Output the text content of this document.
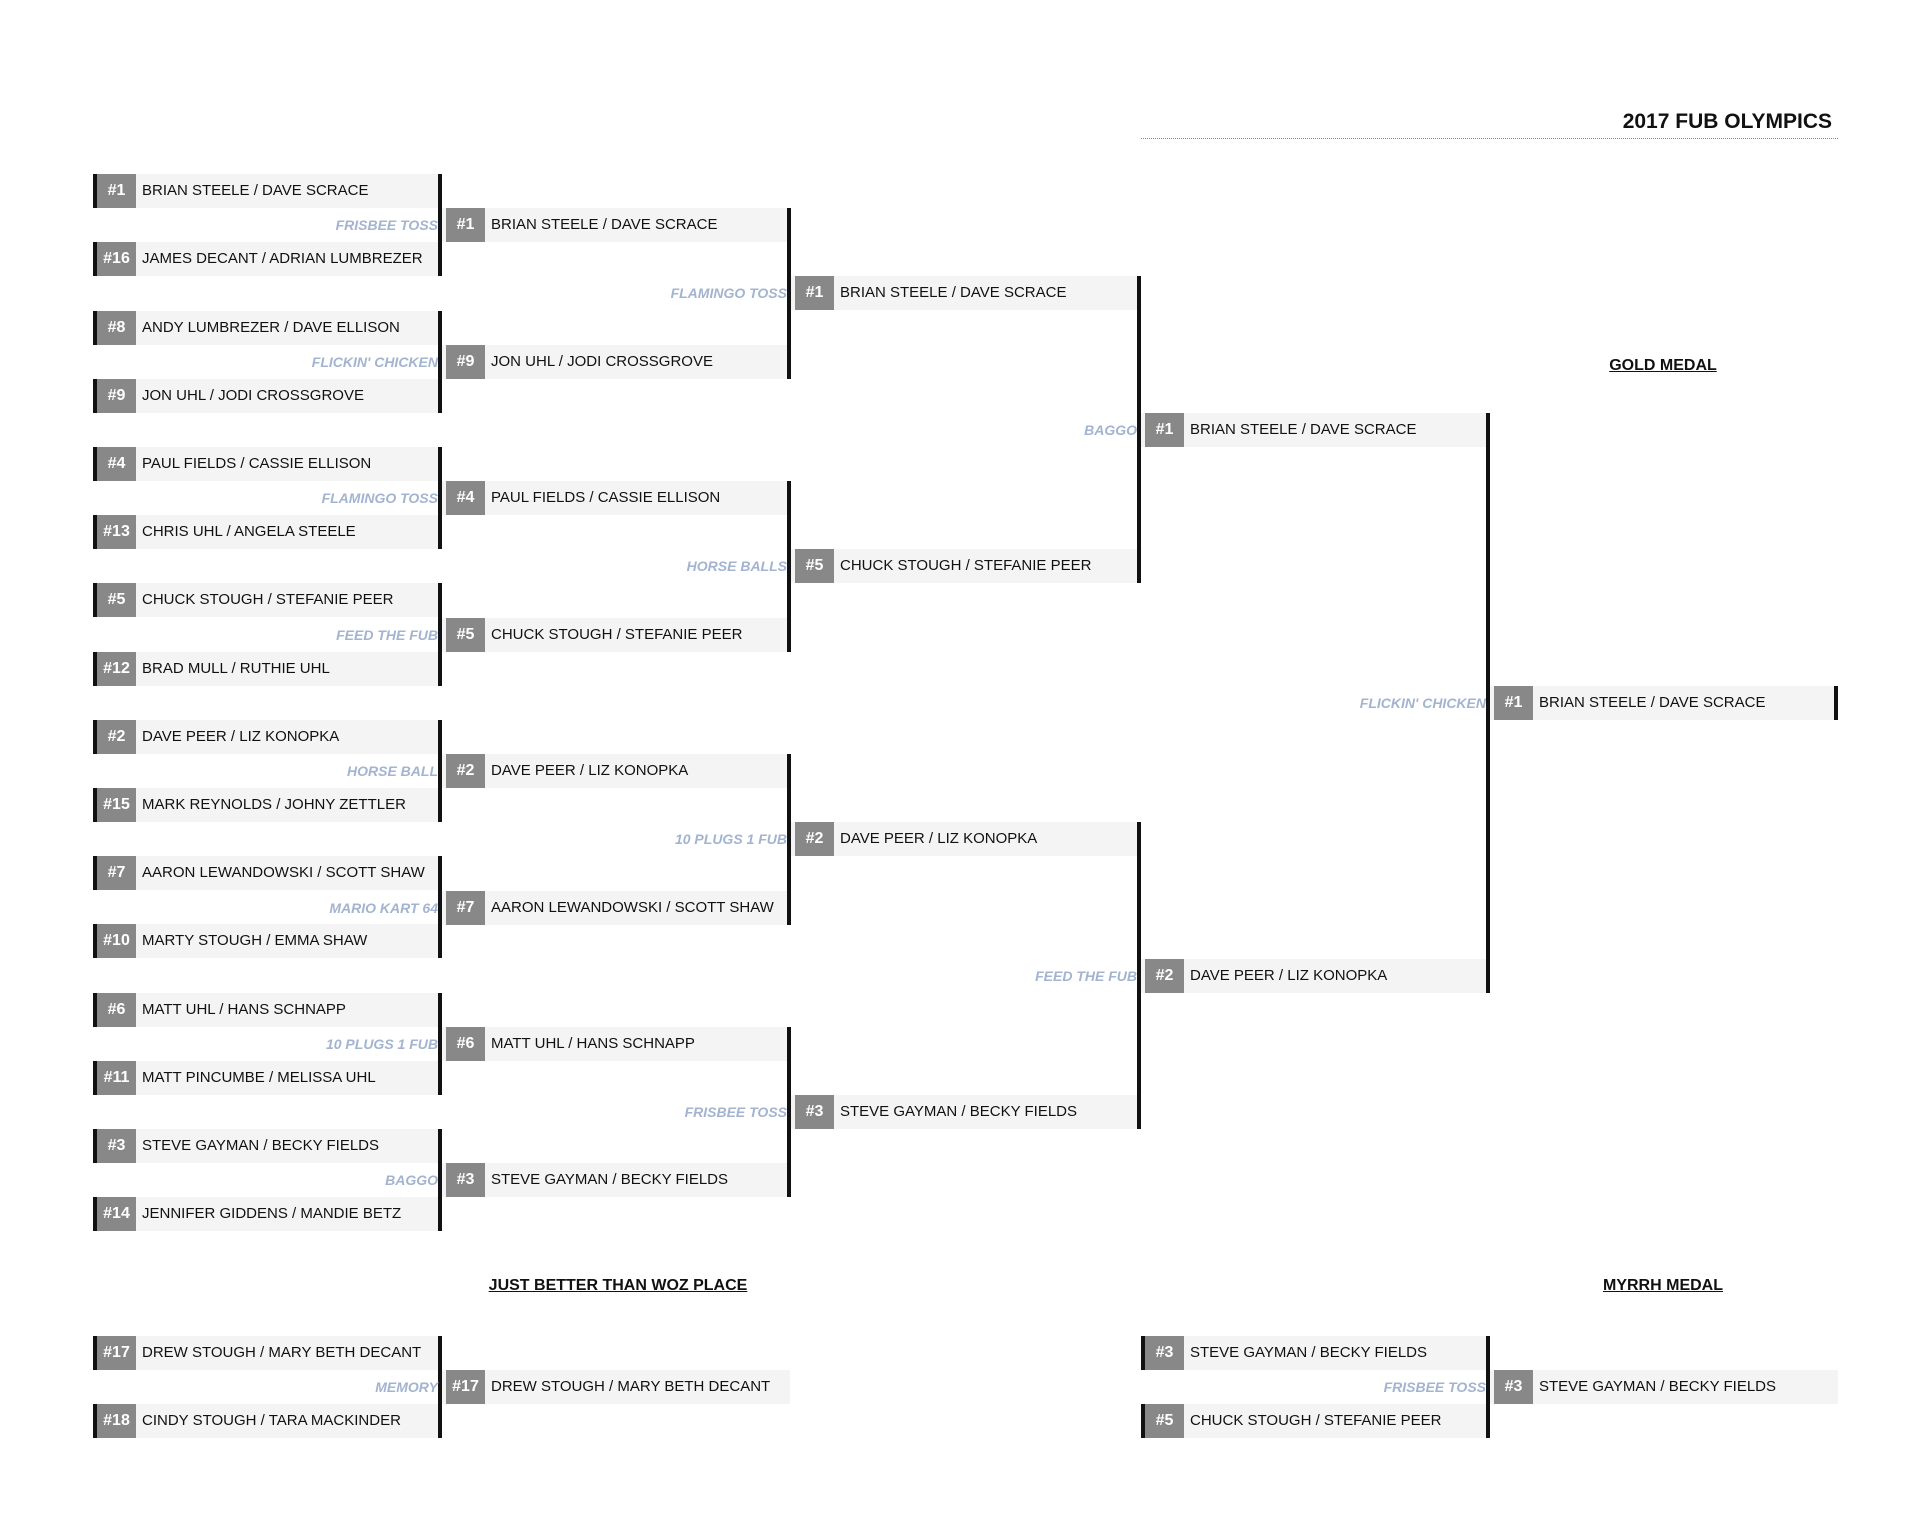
2017 FUB OLYMPICS
GOLD MEDAL
JUST BETTER THAN WOZ PLACE	MYRRH MEDAL
#1	BRIAN STEELE / DAVE SCRACE
#16 JAMES DECANT / ADRIAN LUMBREZER
#8	ANDY LUMBREZER / DAVE ELLISON
#9	JON UHL / JODI CROSSGROVE
#4	PAUL FIELDS / CASSIE ELLISON
#13 CHRIS UHL / ANGELA STEELE
#5	CHUCK STOUGH / STEFANIE PEER
#12 BRAD MULL / RUTHIE UHL
#2	DAVE PEER / LIZ KONOPKA
#15 MARK REYNOLDS / JOHNY ZETTLER
#7	AARON LEWANDOWSKI / SCOTT SHAW
#10 MARTY STOUGH / EMMA SHAW
#6	MATT UHL / HANS SCHNAPP
#11 MATT PINCUMBE / MELISSA UHL
#3	STEVE GAYMAN / BECKY FIELDS
#14 JENNIFER GIDDENS / MANDIE BETZ
#1	BRIAN STEELE / DAVE SCRACE
FRISBEE TOSS
#9	JON UHL / JODI CROSSGROVE
FLICKIN' CHICKEN
#4	PAUL FIELDS / CASSIE ELLISON
FLAMINGO TOSS
#5	CHUCK STOUGH / STEFANIE PEER
FEED THE FUB
#2	DAVE PEER / LIZ KONOPKA
HORSE BALL
#7	AARON LEWANDOWSKI / SCOTT SHAW
MARIO KART 64
#6	MATT UHL / HANS SCHNAPP
10 PLUGS 1 FUB
#3	STEVE GAYMAN / BECKY FIELDS
BAGGO
#1	BRIAN STEELE / DAVE SCRACE
FLAMINGO TOSS
#5	CHUCK STOUGH / STEFANIE PEER
HORSE BALLS
#2	DAVE PEER / LIZ KONOPKA
10 PLUGS 1 FUB
#3	STEVE GAYMAN / BECKY FIELDS
FRISBEE TOSS
#1	BRIAN STEELE / DAVE SCRACE
BAGGO
#2	DAVE PEER / LIZ KONOPKA
FEED THE FUB
#1	BRIAN STEELE / DAVE SCRACE
FLICKIN' CHICKEN
#17 DREW STOUGH / MARY BETH DECANT
#18 CINDY STOUGH / TARA MACKINDER
#17 DREW STOUGH / MARY BETH DECANT
MEMORY
#3	STEVE GAYMAN / BECKY FIELDS
#5	CHUCK STOUGH / STEFANIE PEER
#3	STEVE GAYMAN / BECKY FIELDS
FRISBEE TOSS
